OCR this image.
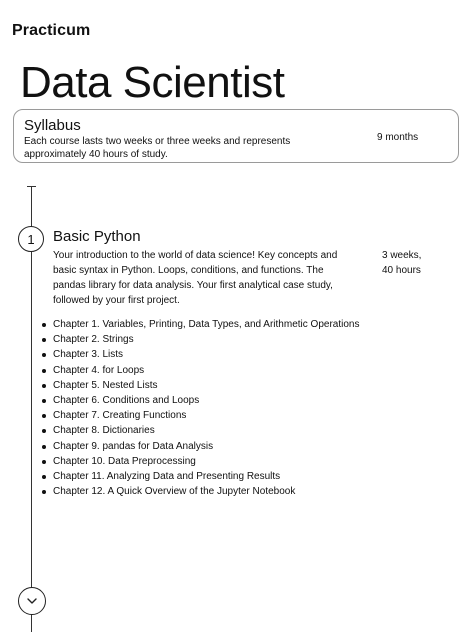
Practicum
Data Scientist
Syllabus
Each course lasts two weeks or three weeks and represents approximately 40 hours of study.
9 months
1 Basic Python
Your introduction to the world of data science! Key concepts and basic syntax in Python. Loops, conditions, and functions. The pandas library for data analysis. Your first analytical case study, followed by your first project.
3 weeks,
40 hours
Chapter 1. Variables, Printing, Data Types, and Arithmetic Operations
Chapter 2. Strings
Chapter 3. Lists
Chapter 4. for Loops
Chapter 5. Nested Lists
Chapter 6. Conditions and Loops
Chapter 7. Creating Functions
Chapter 8. Dictionaries
Chapter 9. pandas for Data Analysis
Chapter 10. Data Preprocessing
Chapter 11. Analyzing Data and Presenting Results
Chapter 12. A Quick Overview of the Jupyter Notebook
